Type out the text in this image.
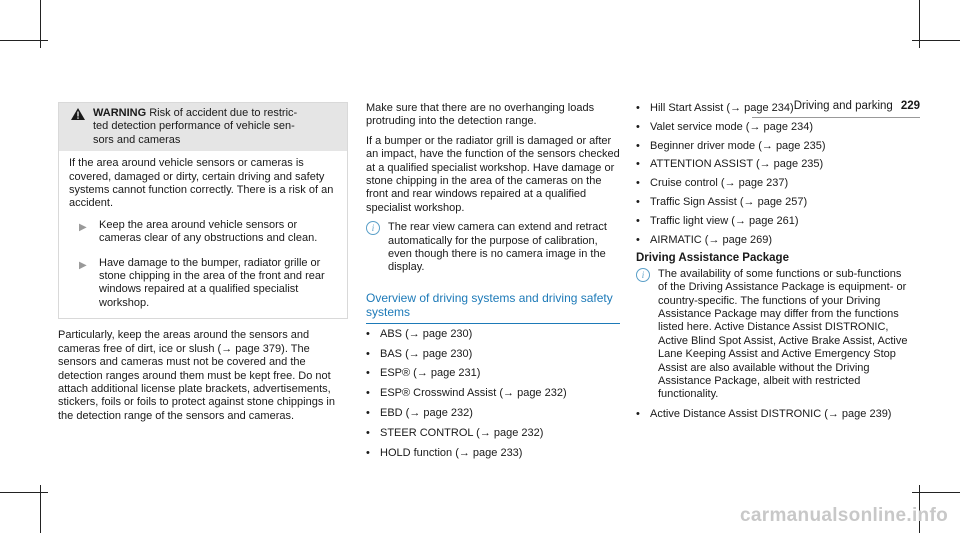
Driving and parking 229
WARNING Risk of accident due to restric-
ted detection performance of vehicle sen-
sors and cameras

If the area around vehicle sensors or cameras is covered, damaged or dirty, certain driving and safety systems cannot function correctly. There is a risk of an accident.

▶ Keep the area around vehicle sensors or cameras clear of any obstructions and clean.
▶ Have damage to the bumper, radiator grille or stone chipping in the area of the front and rear windows repaired at a qualified specialist workshop.

Particularly, keep the areas around the sensors and cameras free of dirt, ice or slush (→ page 379). The sensors and cameras must not be covered and the detection ranges around them must be kept free. Do not attach additional license plate brackets, advertisements, stickers, foils or foils to protect against stone chippings in the detection range of the sensors and cameras.

Make sure that there are no overhanging loads protruding into the detection range.

If a bumper or the radiator grill is damaged or after an impact, have the function of the sensors checked at a qualified specialist workshop. Have damage or stone chipping in the area of the cameras on the front and rear windows repaired at a qualified specialist workshop.

i	The rear view camera can extend and retract automatically for the purpose of calibration, even though there is no camera image in the display.
Overview of driving systems and driving safety systems
• ABS (→ page 230)
• BAS (→ page 230)
• ESP® (→ page 231)
• ESP® Crosswind Assist (→ page 232)
• EBD (→ page 232)
• STEER CONTROL (→ page 232)
• HOLD function (→ page 233)
• Hill Start Assist (→ page 234)
• Valet service mode (→ page 234)
• Beginner driver mode (→ page 235)
• ATTENTION ASSIST (→ page 235)
• Cruise control (→ page 237)
• Traffic Sign Assist (→ page 257)
• Traffic light view (→ page 261)
• AIRMATIC (→ page 269)
Driving Assistance Package
i	The availability of some functions or sub-functions of the Driving Assistance Package is equipment- or country-specific. The functions of your Driving Assistance Package may differ from the functions listed here. Active Distance Assist DISTRONIC, Active Blind Spot Assist, Active Brake Assist, Active Lane Keeping Assist and Active Emergency Stop Assist are also available without the Driving Assistance Package, albeit with restricted functionality.
• Active Distance Assist DISTRONIC (→ page 239)
carmanualsonline.info
